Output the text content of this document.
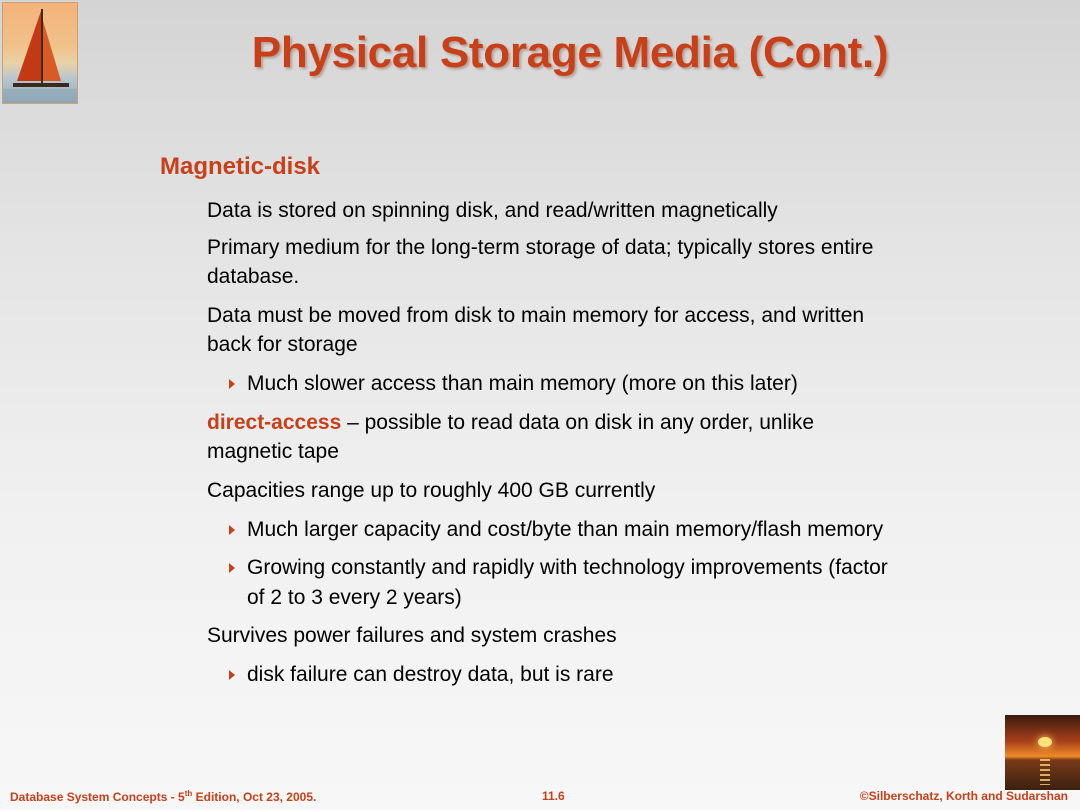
Physical Storage Media (Cont.)
Magnetic-disk
Data is stored on spinning disk, and read/written magnetically
Primary medium for the long-term storage of data; typically stores entire
database.
Data must be moved from disk to main memory for access, and written
back for storage
Much slower access than main memory (more on this later)
direct-access – possible to read data on disk in any order, unlike
magnetic tape
Capacities range up to roughly 400 GB currently
Much larger capacity and cost/byte than main memory/flash memory
Growing constantly and rapidly with technology improvements (factor
of 2 to 3 every 2 years)
Survives power failures and system crashes
disk failure can destroy data, but is rare
Database System Concepts - 5th Edition, Oct 23, 2005.	11.6	©Silberschatz, Korth and Sudarshan
